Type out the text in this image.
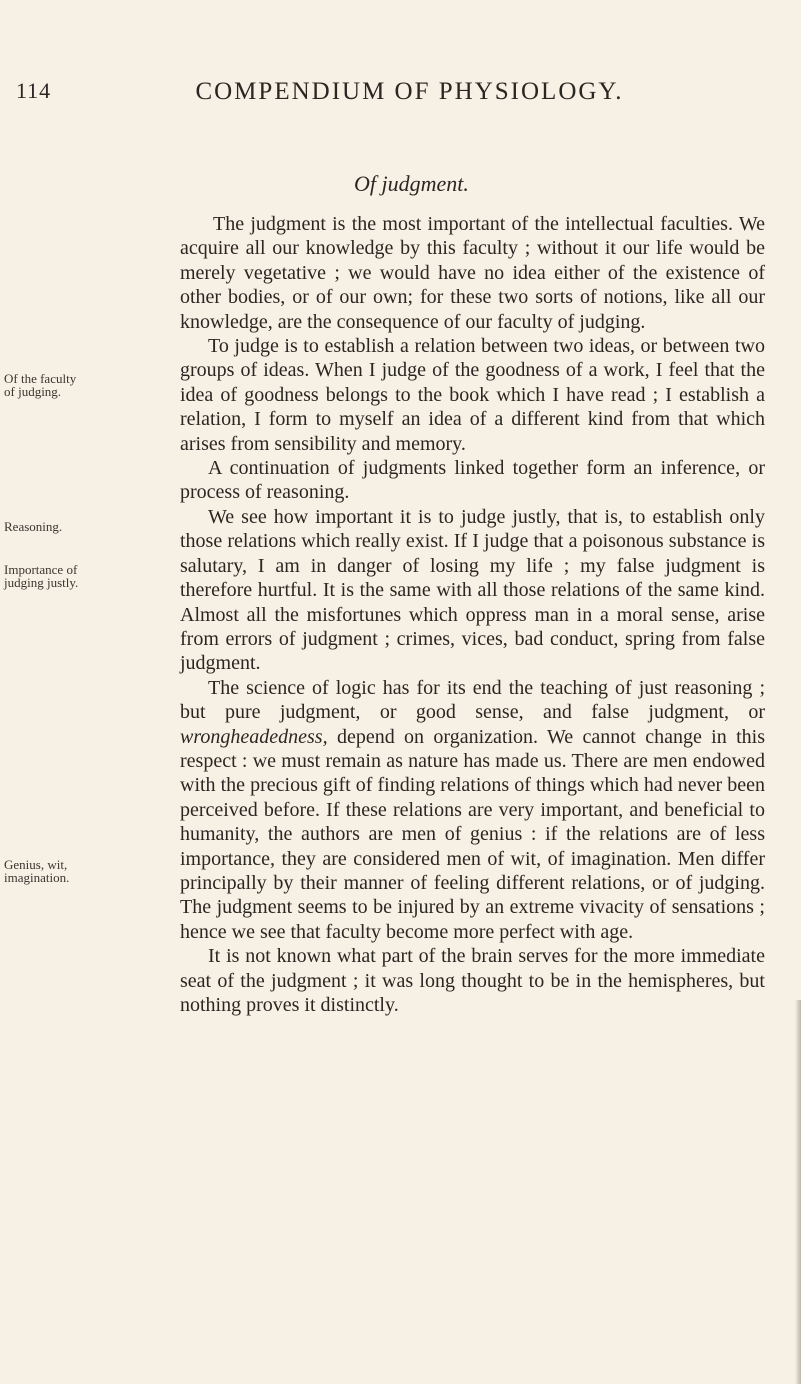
114	COMPENDIUM OF PHYSIOLOGY.
Of judgment.
Of the faculty of judging.
Reasoning.
Importance of judging justly.
Genius, wit, imagination.

The judgment is the most important of the intellectual faculties. We acquire all our knowledge by this faculty ; without it our life would be merely vegetative ; we would have no idea either of the existence of other bodies, or of our own; for these two sorts of notions, like all our knowledge, are the consequence of our faculty of judging.

To judge is to establish a relation between two ideas, or between two groups of ideas. When I judge of the goodness of a work, I feel that the idea of goodness belongs to the book which I have read ; I establish a relation, I form to myself an idea of a different kind from that which arises from sensibility and memory.

A continuation of judgments linked together form an inference, or process of reasoning.

We see how important it is to judge justly, that is, to establish only those relations which really exist. If I judge that a poisonous substance is salutary, I am in danger of losing my life ; my false judgment is therefore hurtful. It is the same with all those relations of the same kind. Almost all the misfortunes which oppress man in a moral sense, arise from errors of judgment ; crimes, vices, bad conduct, spring from false judgment.

The science of logic has for its end the teaching of just reasoning ; but pure judgment, or good sense, and false judgment, or wrongheadedness, depend on organization. We cannot change in this respect : we must remain as nature has made us. There are men endowed with the precious gift of finding relations of things which had never been perceived before. If these relations are very important, and beneficial to humanity, the authors are men of genius : if the relations are of less importance, they are considered men of wit, of imagination. Men differ principally by their manner of feeling different relations, or of judging. The judgment seems to be injured by an extreme vivacity of sensations ; hence we see that faculty become more perfect with age.

It is not known what part of the brain serves for the more immediate seat of the judgment ; it was long thought to be in the hemispheres, but nothing proves it distinctly.
